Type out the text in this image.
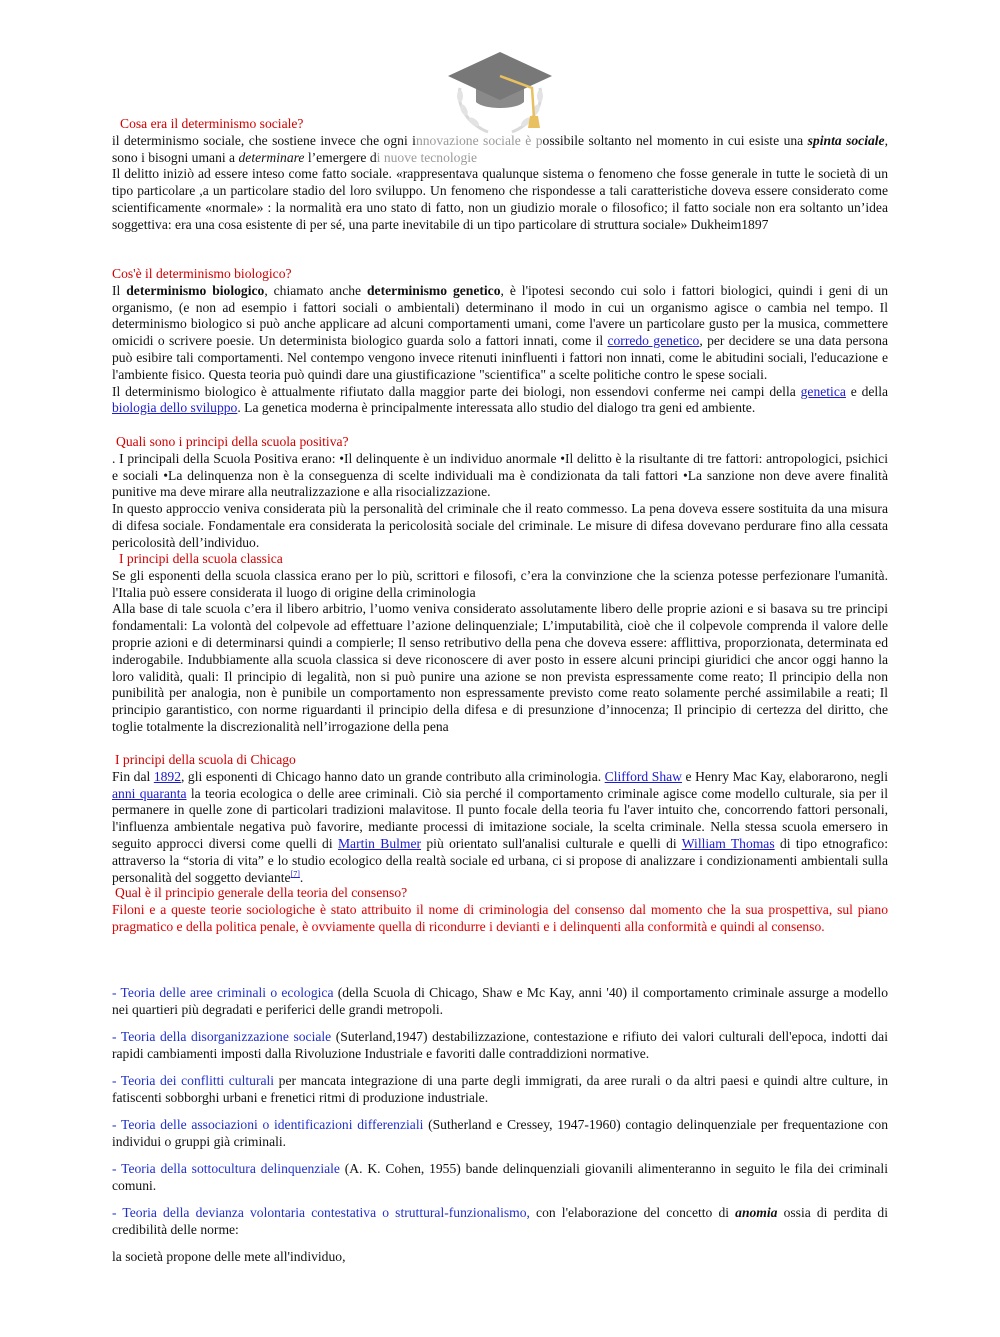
Cosa era il determinismo sociale?

il determinismo sociale, che sostiene invece che ogni innovazione sociale è possibile soltanto nel momento in cui esiste una spinta sociale, sono i bisogni umani a determinare l’emergere di nuove tecnologie

Il delitto iniziò ad essere inteso come fatto sociale. «rappresentava qualunque sistema o fenomeno che fosse generale in tutte le società di un tipo particolare ,a un particolare stadio del loro sviluppo. Un fenomeno che rispondesse a tali caratteristiche doveva essere considerato come scientificamente «normale» : la normalità era uno stato di fatto, non un giudizio morale o filosofico; il fatto sociale non era soltanto un’idea soggettiva: era una cosa esistente di per sé, una parte inevitabile di un tipo particolare di struttura sociale» Dukheim1897

Cos'è il determinismo biologico?

Il determinismo biologico, chiamato anche determinismo genetico, è l'ipotesi secondo cui solo i fattori biologici, quindi i geni di un organismo, (e non ad esempio i fattori sociali o ambientali) determinano il modo in cui un organismo agisce o cambia nel tempo. Il determinismo biologico si può anche applicare ad alcuni comportamenti umani, come l'avere un particolare gusto per la musica, commettere omicidi o scrivere poesie. Un determinista biologico guarda solo a fattori innati, come il corredo genetico, per decidere se una data persona può esibire tali comportamenti. Nel contempo vengono invece ritenuti ininfluenti i fattori non innati, come le abitudini sociali, l'educazione e l'ambiente fisico. Questa teoria può quindi dare una giustificazione "scientifica" a scelte politiche contro le spese sociali.

Il determinismo biologico è attualmente rifiutato dalla maggior parte dei biologi, non essendovi conferme nei campi della genetica e della biologia dello sviluppo. La genetica moderna è principalmente interessata allo studio del dialogo tra geni ed ambiente.

Quali sono i principi della scuola positiva?

. I principali della Scuola Positiva erano: •Il delinquente è un individuo anormale •Il delitto è la risultante di tre fattori: antropologici, psichici e sociali •La delinquenza non è la conseguenza di scelte individuali ma è condizionata da tali fattori •La sanzione non deve avere finalità punitive ma deve mirare alla neutralizzazione e alla risocializzazione.

In questo approccio veniva considerata più la personalità del criminale che il reato commesso. La pena doveva essere sostituita da una misura di difesa sociale. Fondamentale era considerata la pericolosità sociale del criminale. Le misure di difesa dovevano perdurare fino alla cessata pericolosità dell’individuo.

I principi della scuola classica

Se gli esponenti della scuola classica erano per lo più, scrittori e filosofi, c’era la convinzione che la scienza potesse perfezionare l'umanità. l'Italia può essere considerata il luogo di origine della criminologia

Alla base di tale scuola c’era il libero arbitrio, l’uomo veniva considerato assolutamente libero delle proprie azioni e si basava su tre principi fondamentali: La volontà del colpevole ad effettuare l’azione delinquenziale; L’imputabilità, cioè che il colpevole comprenda il valore delle proprie azioni e di determinarsi quindi a compierle; Il senso retributivo della pena che doveva essere: afflittiva, proporzionata, determinata ed inderogabile. Indubbiamente alla scuola classica si deve riconoscere di aver posto in essere alcuni principi giuridici che ancor oggi hanno la loro validità, quali: Il principio di legalità, non si può punire una azione se non prevista espressamente come reato; Il principio della non punibilità per analogia, non è punibile un comportamento non espressamente previsto come reato solamente perché assimilabile a reati; Il principio garantistico, con norme riguardanti il principio della difesa e di presunzione d’innocenza; Il principio di certezza del diritto, che toglie totalmente la discrezionalità nell’irrogazione della pena

I principi della scuola di Chicago

Fin dal 1892, gli esponenti di Chicago hanno dato un grande contributo alla criminologia. Clifford Shaw e Henry Mac Kay, elaborarono, negli anni quaranta la teoria ecologica o delle aree criminali. Ciò sia perché il comportamento criminale agisce come modello culturale, sia per il permanere in quelle zone di particolari tradizioni malavitose. Il punto focale della teoria fu l'aver intuito che, concorrendo fattori personali, l'influenza ambientale negativa può favorire, mediante processi di imitazione sociale, la scelta criminale. Nella stessa scuola emersero in seguito approcci diversi come quelli di Martin Bulmer più orientato sull'analisi culturale e quelli di William Thomas di tipo etnografico: attraverso la “storia di vita” e lo studio ecologico della realtà sociale ed urbana, ci si propose di analizzare i condizionamenti ambientali sulla personalità del soggetto deviante[7].

Qual è il principio generale della teoria del consenso?

Filoni e a queste teorie sociologiche è stato attribuito il nome di criminologia del consenso dal momento che la sua prospettiva, sul piano pragmatico e della politica penale, è ovviamente quella di ricondurre i devianti e i delinquenti alla conformità e quindi al consenso.

- Teoria delle aree criminali o ecologica (della Scuola di Chicago, Shaw e Mc Kay, anni '40) il comportamento criminale assurge a modello nei quartieri più degradati e periferici delle grandi metropoli.

- Teoria della disorganizzazione sociale (Suterland,1947) destabilizzazione, contestazione e rifiuto dei valori culturali dell'epoca, indotti dai rapidi cambiamenti imposti dalla Rivoluzione Industriale e favoriti dalle contraddizioni normative.

- Teoria dei conflitti culturali per mancata integrazione di una parte degli immigrati, da aree rurali o da altri paesi e quindi altre culture, in fatiscenti sobborghi urbani e frenetici ritmi di produzione industriale.

- Teoria delle associazioni o identificazioni differenziali (Sutherland e Cressey, 1947-1960) contagio delinquenziale per frequentazione con individui o gruppi già criminali.

- Teoria della sottocultura delinquenziale (A. K. Cohen, 1955) bande delinquenziali giovanili alimenteranno in seguito le fila dei criminali comuni.

- Teoria della devianza volontaria contestativa o struttural-funzionalismo, con l'elaborazione del concetto di anomia ossia di perdita di credibilità delle norme:

la società propone delle mete all'individuo,
